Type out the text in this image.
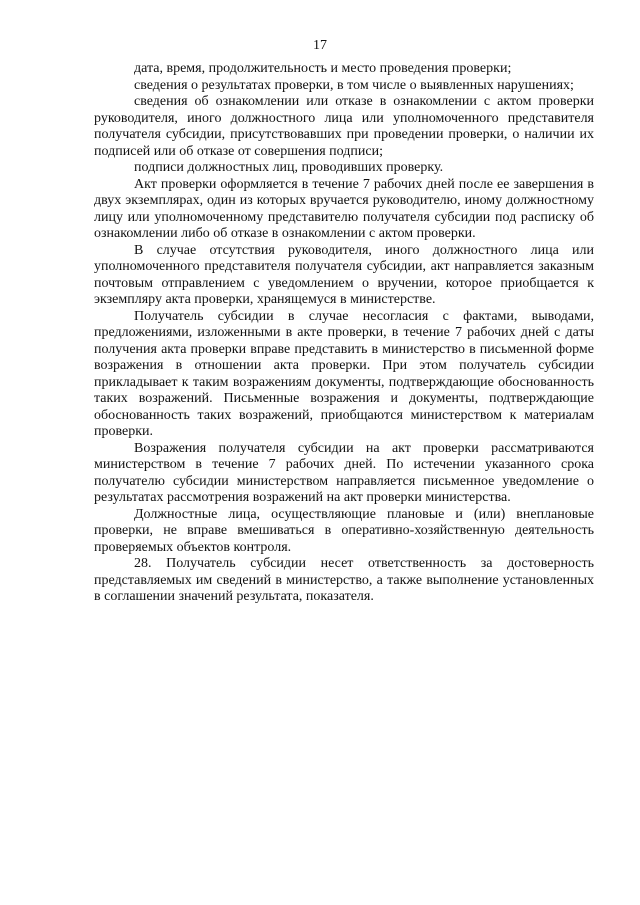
17

дата, время, продолжительность и место проведения проверки;

сведения о результатах проверки, в том числе о выявленных нарушениях;

сведения об ознакомлении или отказе в ознакомлении с актом проверки руководителя, иного должностного лица или уполномоченного представителя получателя субсидии, присутствовавших при проведении проверки, о наличии их подписей или об отказе от совершения подписи;

подписи должностных лиц, проводивших проверку.

Акт проверки оформляется в течение 7 рабочих дней после ее завершения в двух экземплярах, один из которых вручается руководителю, иному должностному лицу или уполномоченному представителю получателя субсидии под расписку об ознакомлении либо об отказе в ознакомлении с актом проверки.

В случае отсутствия руководителя, иного должностного лица или уполномоченного представителя получателя субсидии, акт направляется заказным почтовым отправлением с уведомлением о вручении, которое приобщается к экземпляру акта проверки, хранящемуся в министерстве.

Получатель субсидии в случае несогласия с фактами, выводами, предложениями, изложенными в акте проверки, в течение 7 рабочих дней с даты получения акта проверки вправе представить в министерство в письменной форме возражения в отношении акта проверки. При этом получатель субсидии прикладывает к таким возражениям документы, подтверждающие обоснованность таких возражений. Письменные возражения и документы, подтверждающие обоснованность таких возражений, приобщаются министерством к материалам проверки.

Возражения получателя субсидии на акт проверки рассматриваются министерством в течение 7 рабочих дней. По истечении указанного срока получателю субсидии министерством направляется письменное уведомление о результатах рассмотрения возражений на акт проверки министерства.

Должностные лица, осуществляющие плановые и (или) внеплановые проверки, не вправе вмешиваться в оперативно-хозяйственную деятельность проверяемых объектов контроля.

28. Получатель субсидии несет ответственность за достоверность представляемых им сведений в министерство, а также выполнение установленных в соглашении значений результата, показателя.
